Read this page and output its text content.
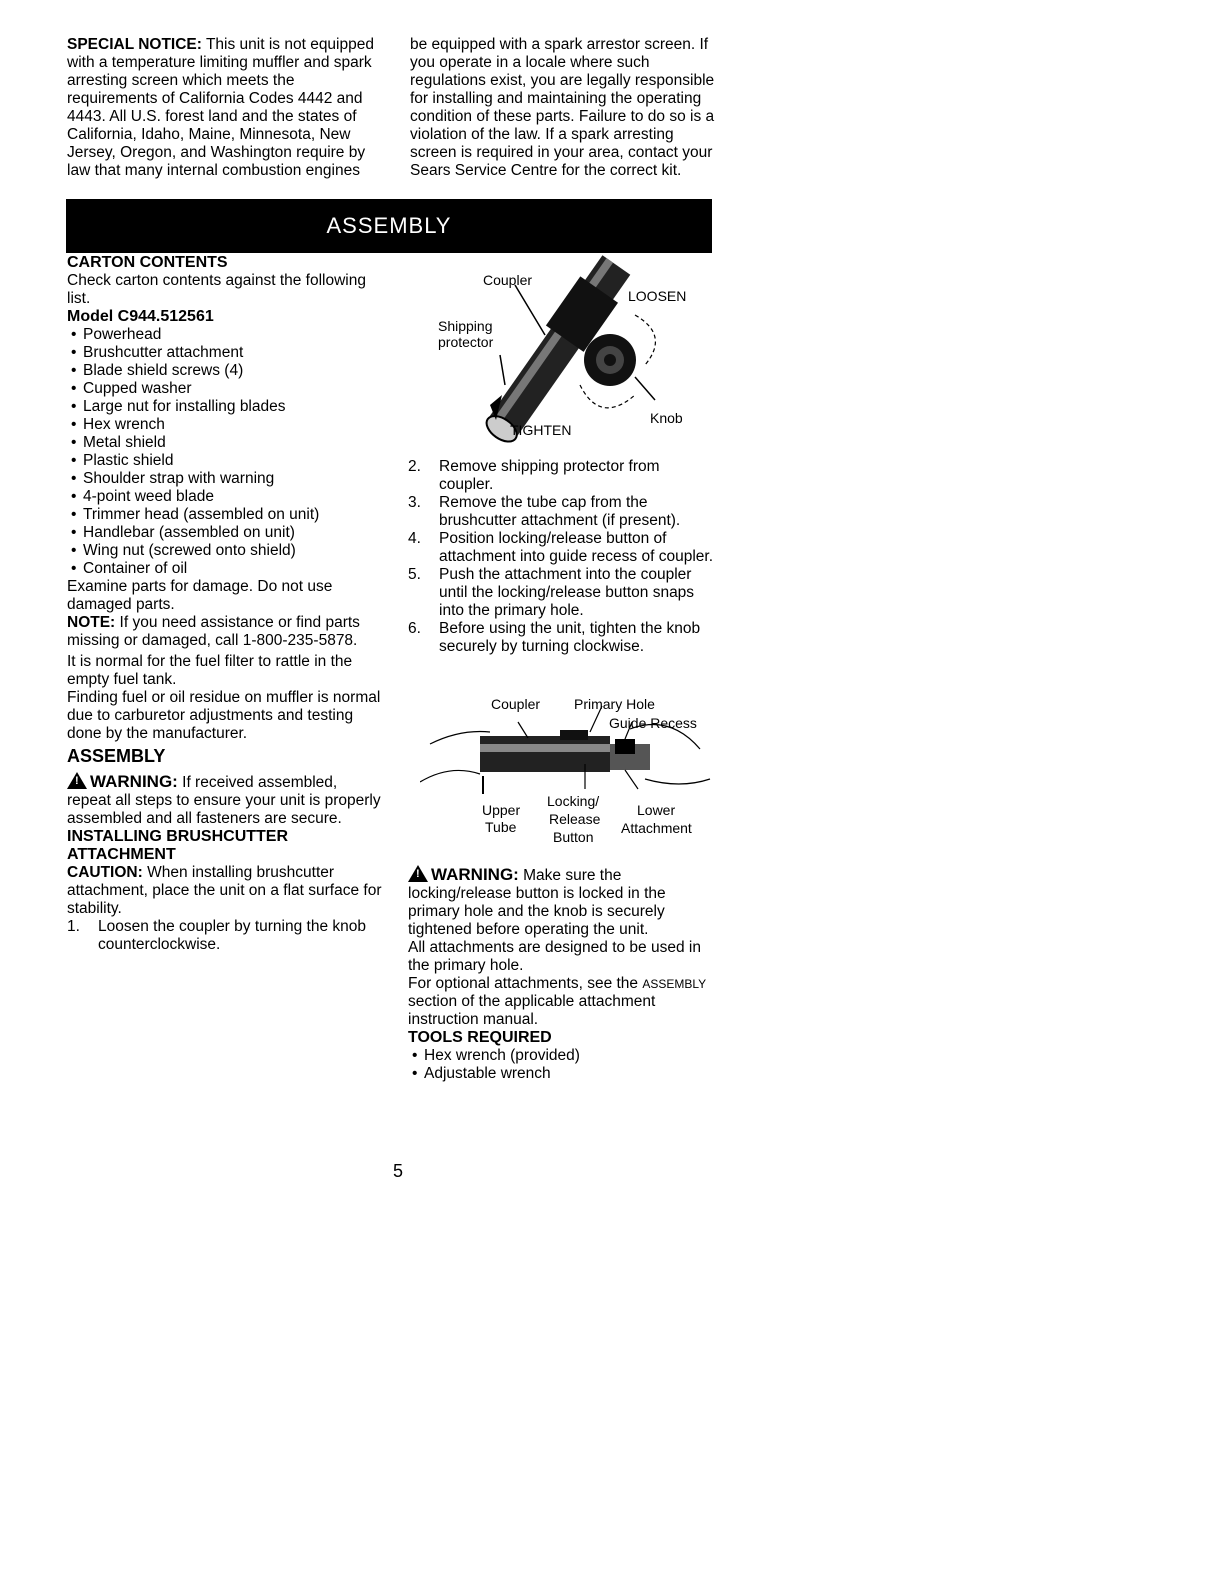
SPECIAL NOTICE: This unit is not equipped with a temperature limiting muffler and spark arresting screen which meets the requirements of California Codes 4442 and 4443. All U.S. forest land and the states of California, Idaho, Maine, Minnesota, New Jersey, Oregon, and Washington require by law that many internal combustion engines
be equipped with a spark arrestor screen. If you operate in a locale where such regulations exist, you are legally responsible for installing and maintaining the operating condition of these parts. Failure to do so is a violation of the law. If a spark arresting screen is required in your area, contact your Sears Service Centre for the correct kit.
ASSEMBLY
CARTON CONTENTS
Check carton contents against the following list.
Model C944.512561
• Powerhead
• Brushcutter attachment
• Blade shield screws (4)
• Cupped washer
• Large nut for installing blades
• Hex wrench
• Metal shield
• Plastic shield
• Shoulder strap with warning
• 4-point weed blade
• Trimmer head (assembled on unit)
• Handlebar (assembled on unit)
• Wing nut (screwed onto shield)
• Container of oil
Examine parts for damage. Do not use damaged parts.
NOTE: If you need assistance or find parts missing or damaged, call 1-800-235-5878.
It is normal for the fuel filter to rattle in the empty fuel tank.
Finding fuel or oil residue on muffler is normal due to carburetor adjustments and testing done by the manufacturer.
ASSEMBLY
!WARNING: If received assembled, repeat all steps to ensure your unit is properly assembled and all fasteners are secure.
INSTALLING BRUSHCUTTER ATTACHMENT
CAUTION: When installing brushcutter attachment, place the unit on a flat surface for stability.
1. Loosen the coupler by turning the knob counterclockwise.
Coupler
LOOSEN
Shipping
protector
Knob
TIGHTEN
2. Remove shipping protector from coupler.
3. Remove the tube cap from the brushcutter attachment (if present).
4. Position locking/release button of attachment into guide recess of coupler.
5. Push the attachment into the coupler until the locking/release button snaps into the primary hole.
6. Before using the unit, tighten the knob securely by turning clockwise.
Coupler Primary Hole
Guide Recess
Upper
Tube
Locking/
Release
Button
Lower
Attachment
!WARNING: Make sure the locking/release button is locked in the primary hole and the knob is securely tightened before operating the unit.
All attachments are designed to be used in the primary hole.
For optional attachments, see the ASSEMBLY section of the applicable attachment instruction manual.
TOOLS REQUIRED
• Hex wrench (provided)
• Adjustable wrench
5
